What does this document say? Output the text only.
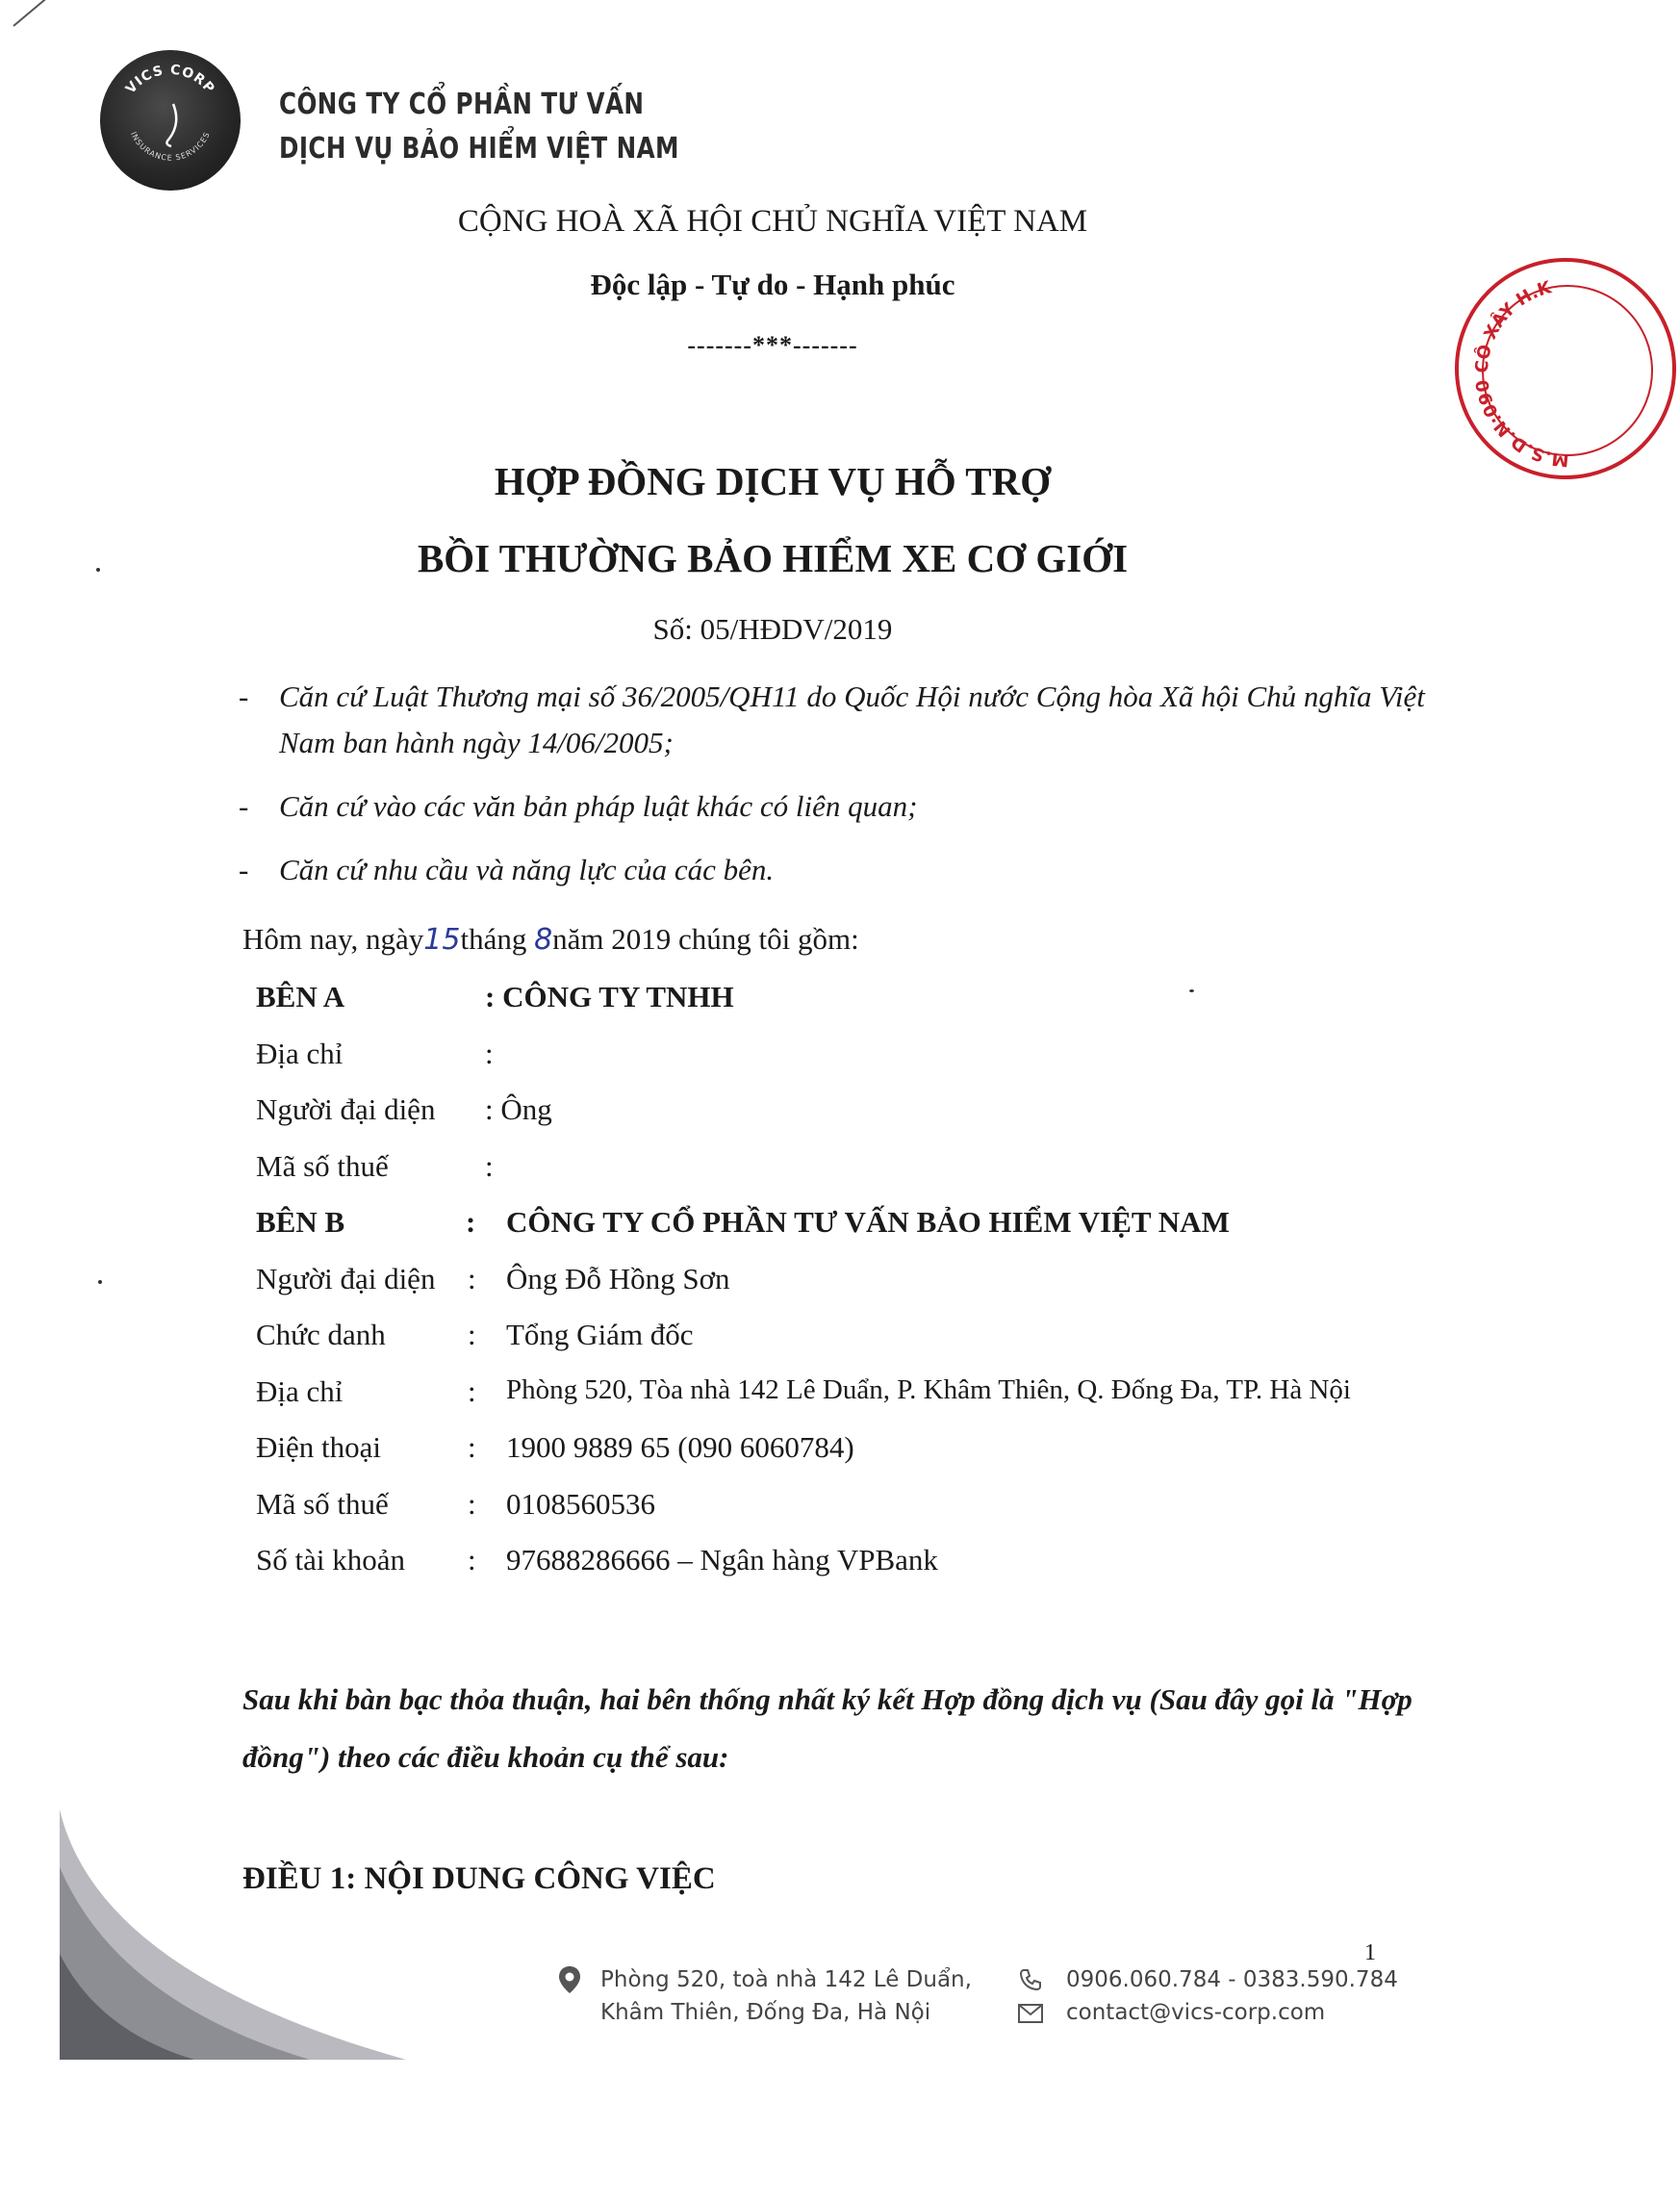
VICS CORP
INSURANCE SERVICES
CÔNG TY CỔ PHẦN TƯ VẤN
DỊCH VỤ BẢO HIỂM VIỆT NAM
M.S.D.N:090 CÔ XÂY H.K
CỘNG HOÀ XÃ HỘI CHỦ NGHĨA VIỆT NAM
Độc lập - Tự do - Hạnh phúc
-------***-------
HỢP ĐỒNG DỊCH VỤ HỖ TRỢ
BỒI THƯỜNG BẢO HIỂM XE CƠ GIỚI
Số: 05/HĐDV/2019
- Căn cứ Luật Thương mại số 36/2005/QH11 do Quốc Hội nước Cộng hòa Xã hội Chủ nghĩa Việt Nam ban hành ngày 14/06/2005;
- Căn cứ vào các văn bản pháp luật khác có liên quan;
- Căn cứ nhu cầu và năng lực của các bên.
Hôm nay, ngày15tháng 8năm 2019 chúng tôi gồm:
BÊN A	: CÔNG TY TNHH
Địa chỉ	:
Người đại diện : Ông
Mã số thuế	:
BÊN B	: CÔNG TY CỔ PHẦN TƯ VẤN BẢO HIỂM VIỆT NAM
Người đại diện : Ông Đỗ Hồng Sơn
Chức danh	: Tổng Giám đốc
Địa chỉ	: Phòng 520, Tòa nhà 142 Lê Duẩn, P. Khâm Thiên, Q. Đống Đa, TP. Hà Nội
Điện thoại	: 1900 9889 65 (090 6060784)
Mã số thuế	: 0108560536
Số tài khoản : 97688286666 – Ngân hàng VPBank
Sau khi bàn bạc thỏa thuận, hai bên thống nhất ký kết Hợp đồng dịch vụ (Sau đây gọi là "Hợp đồng") theo các điều khoản cụ thể sau:
ĐIỀU 1: NỘI DUNG CÔNG VIỆC
1
Phòng 520, toà nhà 142 Lê Duẩn,
Khâm Thiên, Đống Đa, Hà Nội
0906.060.784 - 0383.590.784
contact@vics-corp.com
